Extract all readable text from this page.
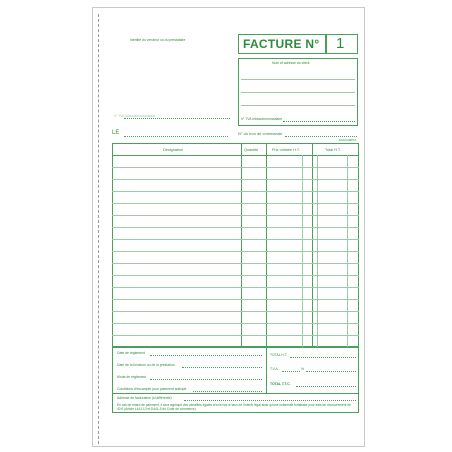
Identité du vendeur ou du prestataire
n° TVA intracommunautaire
FACTURE N° 1
Nom et adresse du client
n° TVA intracommunautaire
LE	N° du bon de commande
EXACOMPTA
Désignation	Quantité	Prix unitaire H.T.	Total H.T.
Date de règlement
Date de la livraison ou de la prestation
Mode de règlement
Conditions d'escompte pour paiement anticipé
TOTAL H.T.
T.V.A.	%
TOTAL T.T.C.
Adresse de facturation (si différente)
En cas de retard de paiement, il sera appliqué des pénalités égales à trois fois le taux de l'intérêt légal ainsi qu'une indemnité forfaitaire pour frais de recouvrement de 40 € (Article L441-10 et D441-5 du Code de commerce).
